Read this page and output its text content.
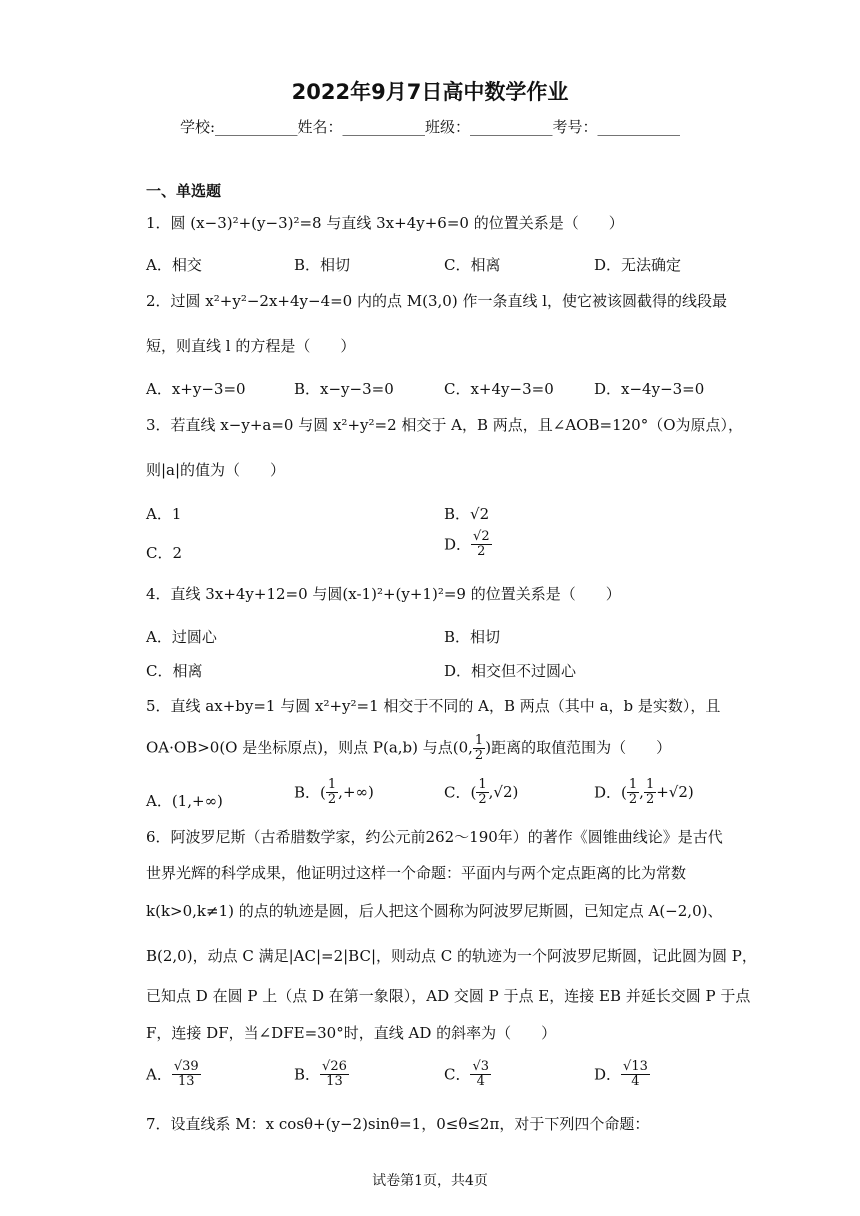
2022年9月7日高中数学作业
学校:___________姓名：___________班级：___________考号：___________
一、单选题
1．圆 (x−3)²+(y−3)²=8 与直线 3x+4y+6=0 的位置关系是（　　）
A．相交	B．相切	C．相离	D．无法确定
2．过圆 x²+y²−2x+4y−4=0 内的点 M(3,0) 作一条直线 l，使它被该圆截得的线段最
短，则直线 l 的方程是（　　）
A．x+y−3=0	B．x−y−3=0	C．x+4y−3=0	D．x−4y−3=0
3．若直线 x−y+a=0 与圆 x²+y²=2 相交于 A，B 两点，且∠AOB=120°（O为原点），
则|a|的值为（　　）
A．1	B．√2
C．2	D． $\frac{√2}{2}$
4．直线 3x+4y+12=0 与圆(x-1)²+(y+1)²=9 的位置关系是（　　）
A．过圆心	B．相切
C．相离	D．相交但不过圆心
5．直线 ax+by=1 与圆 x²+y²=1 相交于不同的 A，B 两点（其中 a，b 是实数），且
OA·OB>0(O 是坐标原点)，则点 P(a,b) 与点(0, $\frac{1}{2}$ )距离的取值范围为（　　）
A．(1,+∞)	B．( $\frac{1}{2}$ ,+∞)	C．( $\frac{1}{2} ,√2$)	D．( $\frac{1}{2}$ , $\frac{1}{2} +√2$)
6．阿波罗尼斯（古希腊数学家，约公元前262～190年）的著作《圆锥曲线论》是古代
世界光辉的科学成果，他证明过这样一个命题：平面内与两个定点距离的比为常数
k(k>0,k≠1) 的点的轨迹是圆，后人把这个圆称为阿波罗尼斯圆，已知定点 A(−2,0)、
B(2,0)，动点 C 满足|AC|=2|BC|，则动点 C 的轨迹为一个阿波罗尼斯圆，记此圆为圆 P，
已知点 D 在圆 P 上（点 D 在第一象限），AD 交圆 P 于点 E，连接 EB 并延长交圆 P 于点
F，连接 DF，当∠DFE=30°时，直线 AD 的斜率为（　　）
A． $\frac{√39}{13}$	B． $\frac{√26}{13}$	C． $\frac{√3}{4}$	D． $\frac{√13}{4}$
7．设直线系 M：x cosθ+(y−2)sinθ=1，0≤θ≤2π，对于下列四个命题：
试卷第1页，共4页
